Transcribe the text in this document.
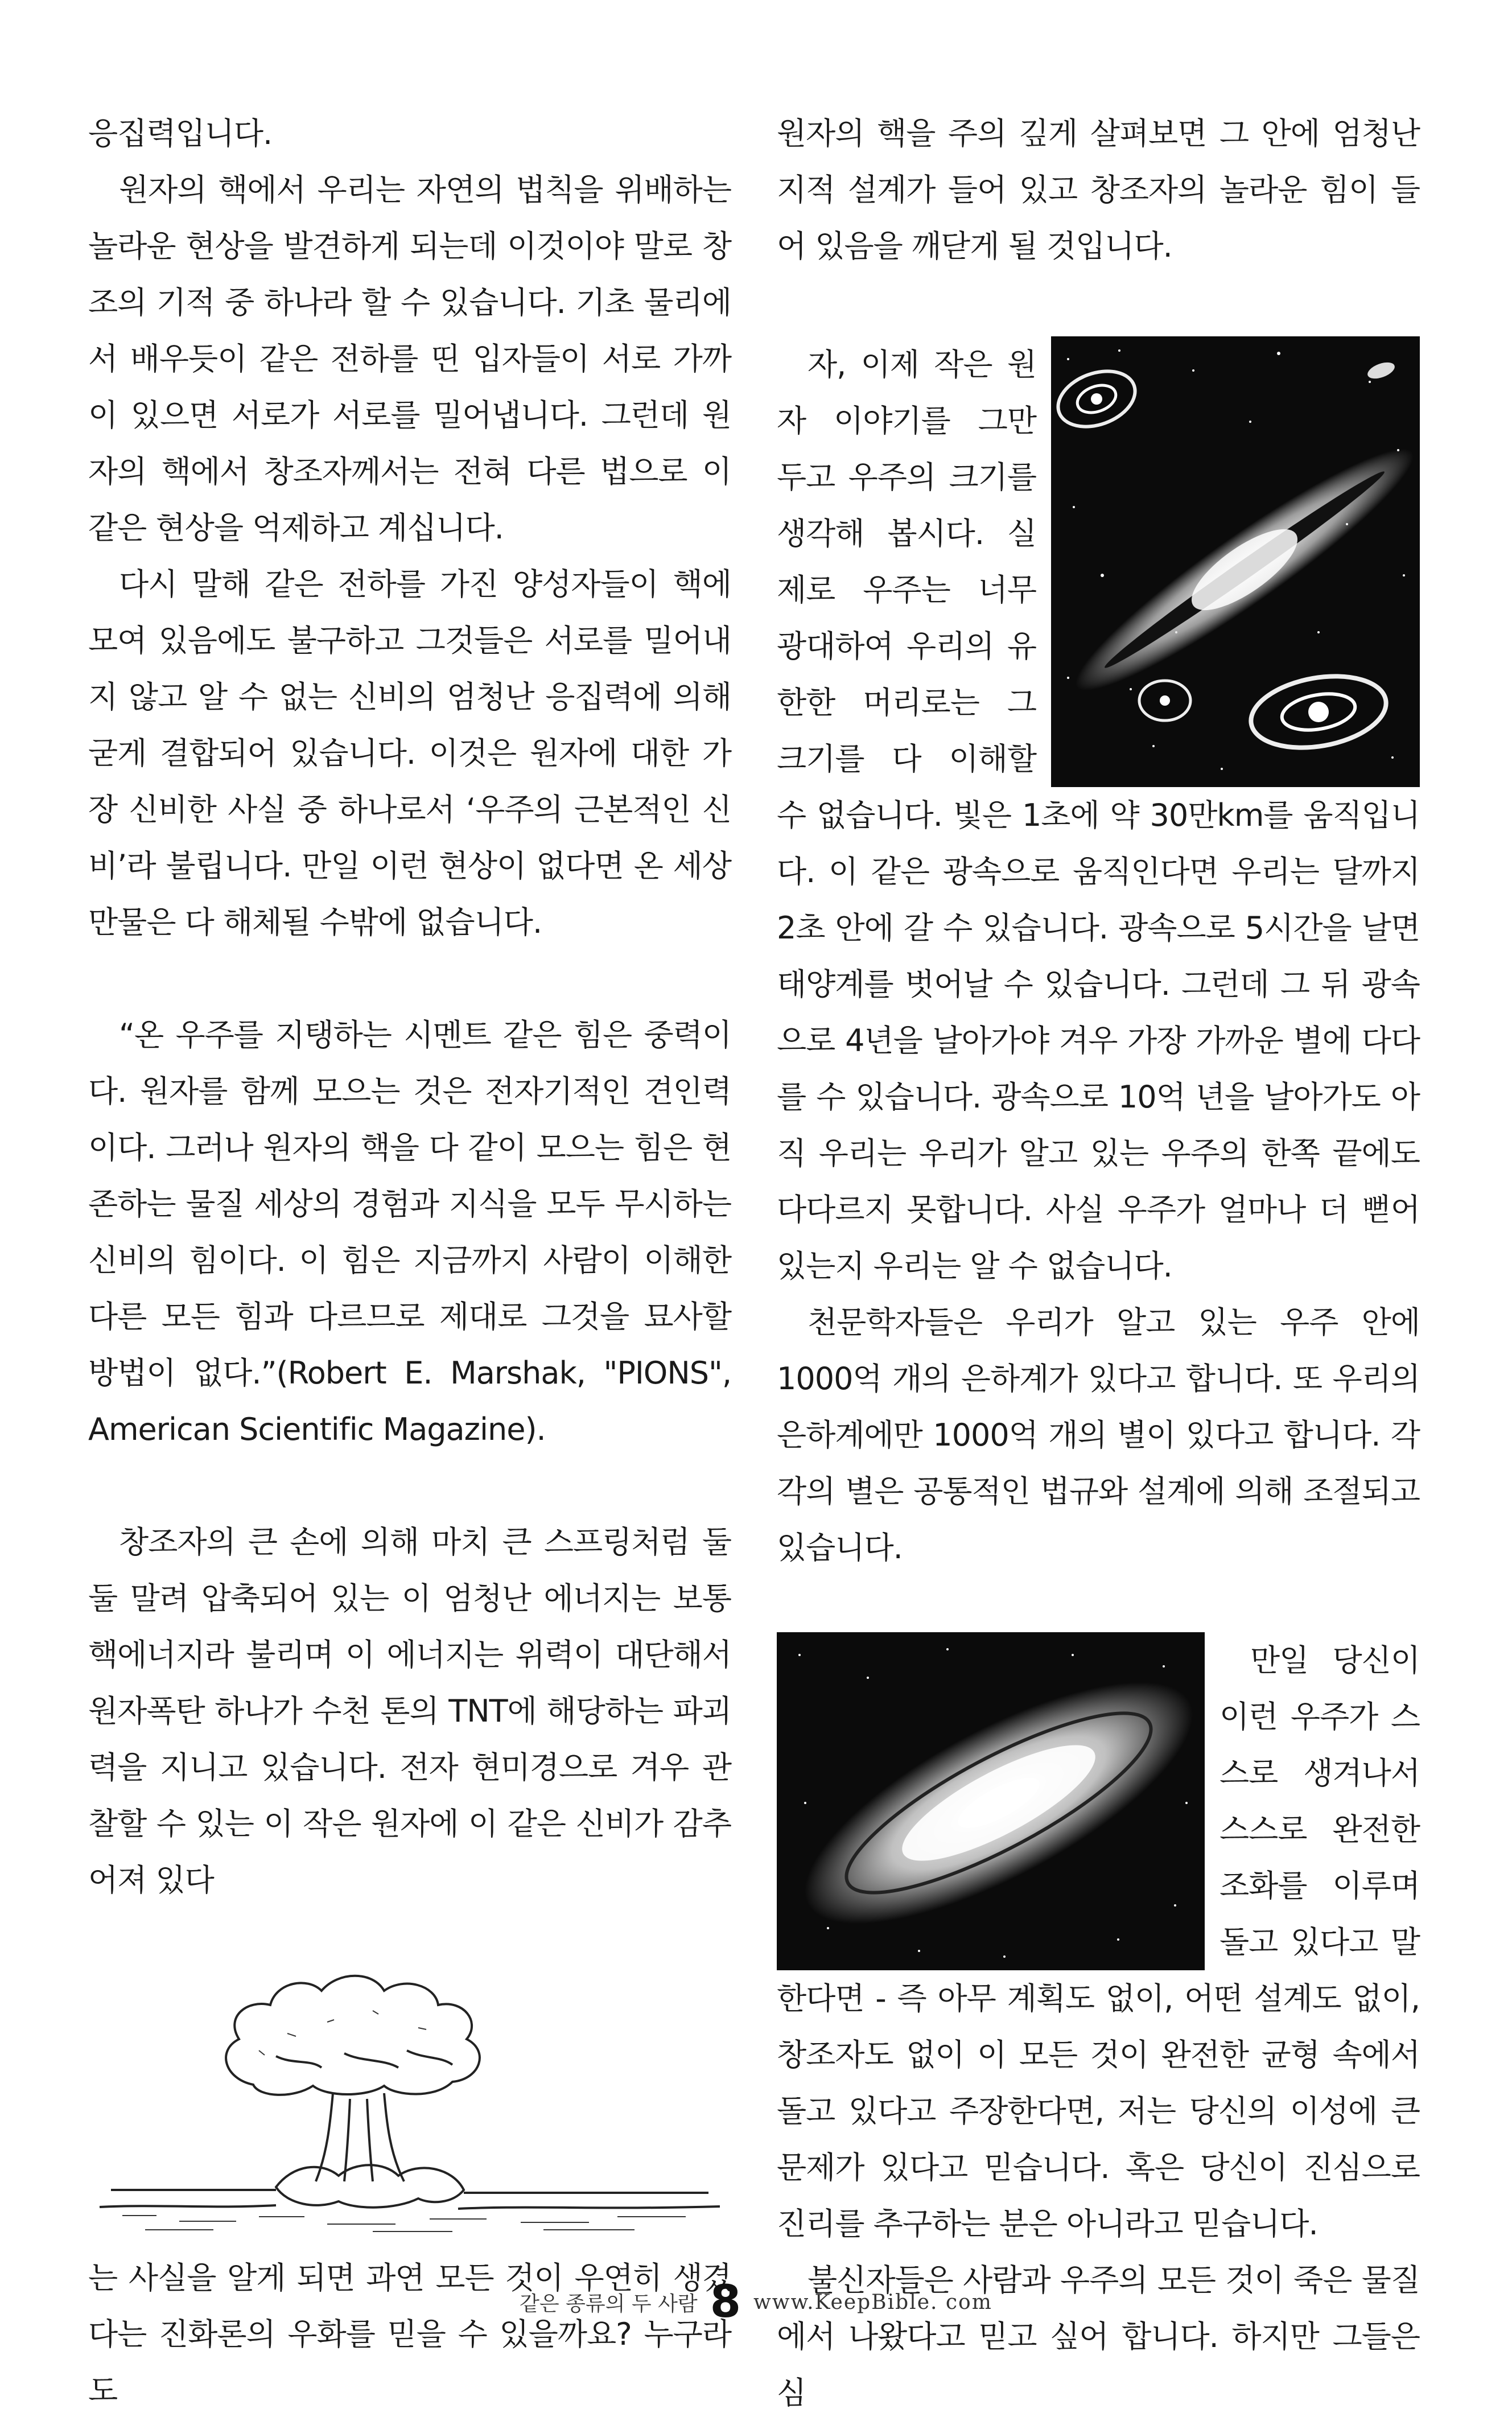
응집력입니다.

원자의 핵에서 우리는 자연의 법칙을 위배하는 놀라운 현상을 발견하게 되는데 이것이야 말로 창조의 기적 중 하나라 할 수 있습니다. 기초 물리에서 배우듯이 같은 전하를 띤 입자들이 서로 가까이 있으면 서로가 서로를 밀어냅니다. 그런데 원자의 핵에서 창조자께서는 전혀 다른 법으로 이 같은 현상을 억제하고 계십니다.

다시 말해 같은 전하를 가진 양성자들이 핵에 모여 있음에도 불구하고 그것들은 서로를 밀어내지 않고 알 수 없는 신비의 엄청난 응집력에 의해 굳게 결합되어 있습니다. 이것은 원자에 대한 가장 신비한 사실 중 하나로서 ‘우주의 근본적인 신비’라 불립니다. 만일 이런 현상이 없다면 온 세상 만물은 다 해체될 수밖에 없습니다.

“온 우주를 지탱하는 시멘트 같은 힘은 중력이다. 원자를 함께 모으는 것은 전자기적인 견인력이다. 그러나 원자의 핵을 다 같이 모으는 힘은 현존하는 물질 세상의 경험과 지식을 모두 무시하는 신비의 힘이다. 이 힘은 지금까지 사람이 이해한 다른 모든 힘과 다르므로 제대로 그것을 묘사할 방법이 없다.”(Robert E. Marshak, "PIONS", American Scientific Magazine).

창조자의 큰 손에 의해 마치 큰 스프링처럼 둘둘 말려 압축되어 있는 이 엄청난 에너지는 보통 핵에너지라 불리며 이 에너지는 위력이 대단해서 원자폭탄 하나가 수천 톤의 TNT에 해당하는 파괴력을 지니고 있습니다. 전자 현미경으로 겨우 관찰할 수 있는 이 작은 원자에 이 같은 신비가 감추어져 있다

는 사실을 알게 되면 과연 모든 것이 우연히 생겼다는 진화론의 우화를 믿을 수 있을까요? 누구라도

원자의 핵을 주의 깊게 살펴보면 그 안에 엄청난 지적 설계가 들어 있고 창조자의 놀라운 힘이 들어 있음을 깨닫게 될 것입니다.

자, 이제 작은 원자 이야기를 그만 두고 우주의 크기를 생각해 봅시다. 실제로 우주는 너무 광대하여 우리의 유한한 머리로는 그 크기를 다 이해할 수 없습니다. 빛은 1초에 약 30만km를 움직입니다. 이 같은 광속으로 움직인다면 우리는 달까지 2초 안에 갈 수 있습니다. 광속으로 5시간을 날면 태양계를 벗어날 수 있습니다. 그런데 그 뒤 광속으로 4년을 날아가야 겨우 가장 가까운 별에 다다를 수 있습니다. 광속으로 10억 년을 날아가도 아직 우리는 우리가 알고 있는 우주의 한쪽 끝에도 다다르지 못합니다. 사실 우주가 얼마나 더 뻗어 있는지 우리는 알 수 없습니다.

천문학자들은 우리가 알고 있는 우주 안에 1000억 개의 은하계가 있다고 합니다. 또 우리의 은하계에만 1000억 개의 별이 있다고 합니다. 각각의 별은 공통적인 법규와 설계에 의해 조절되고 있습니다.

만일 당신이 이런 우주가 스스로 생겨나서 스스로 완전한 조화를 이루며 돌고 있다고 말한다면 - 즉 아무 계획도 없이, 어떤 설계도 없이, 창조자도 없이 이 모든 것이 완전한 균형 속에서 돌고 있다고 주장한다면, 저는 당신의 이성에 큰 문제가 있다고 믿습니다. 혹은 당신이 진심으로 진리를 추구하는 분은 아니라고 믿습니다.

불신자들은 사람과 우주의 모든 것이 죽은 물질에서 나왔다고 믿고 싶어 합니다. 하지만 그들은 심

같은 종류의 두 사람 8 www.KeepBible. com
